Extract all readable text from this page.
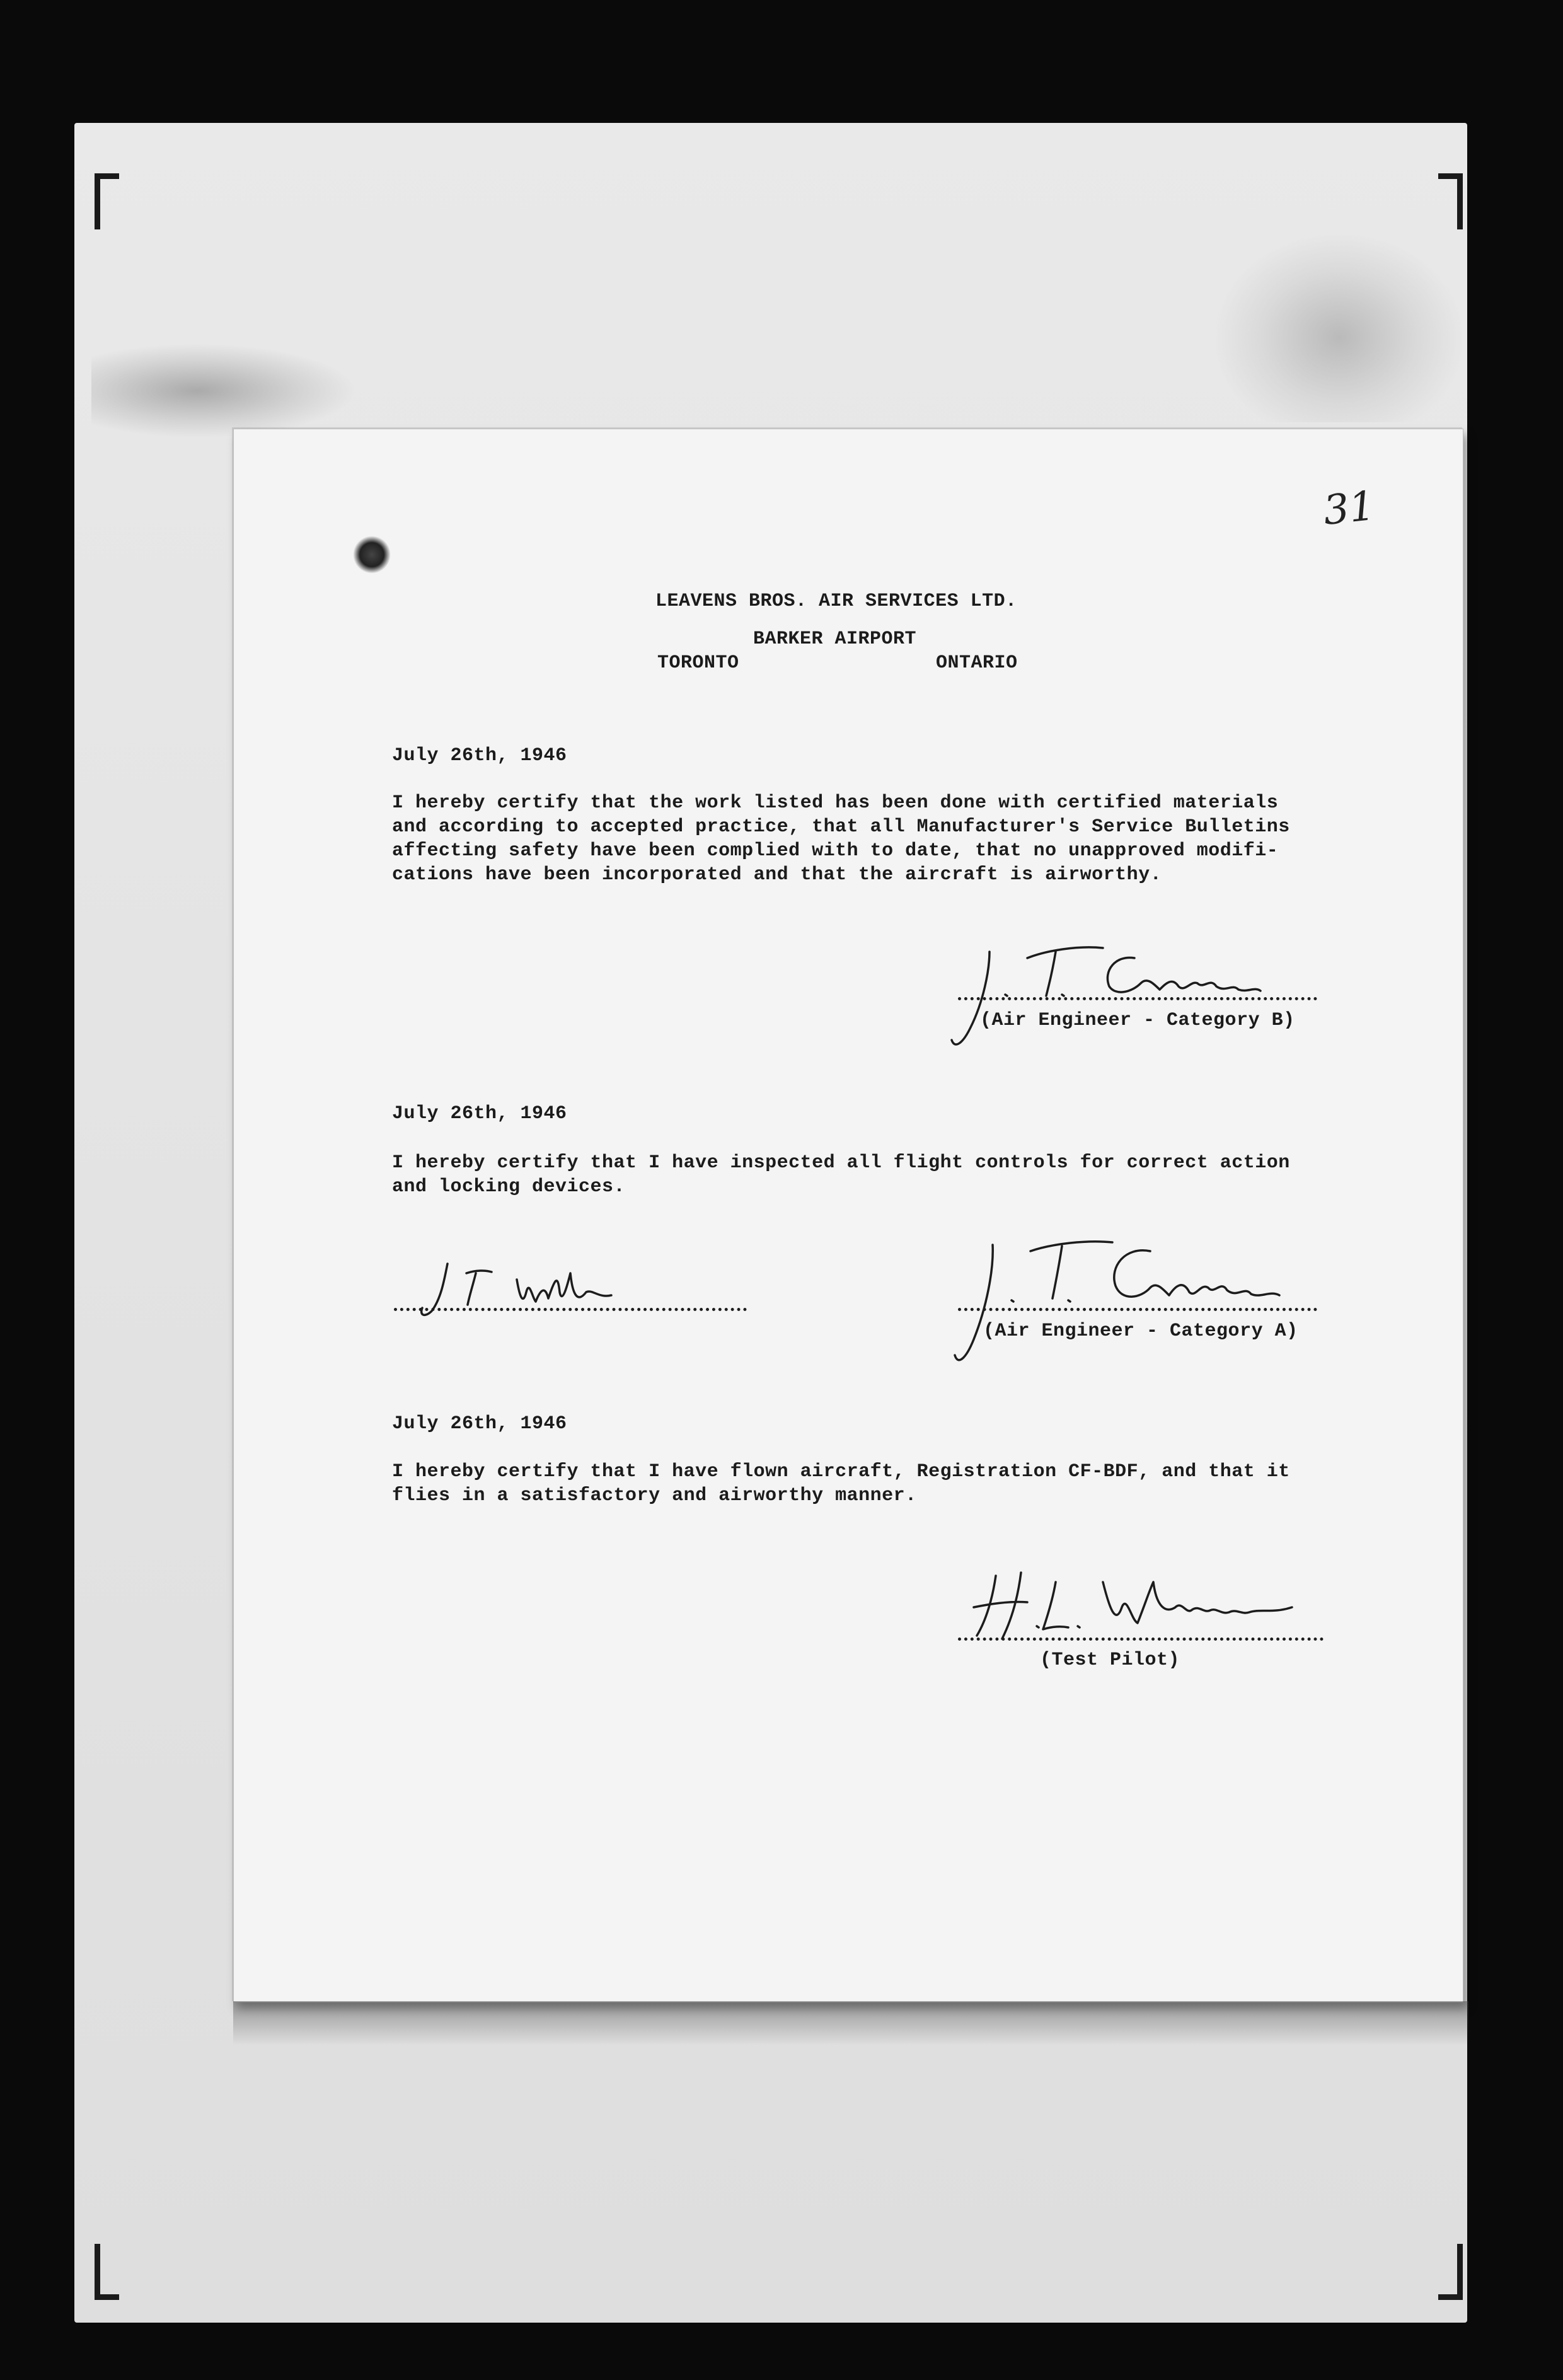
31
LEAVENS BROS. AIR SERVICES LTD.
BARKER AIRPORT
TORONTO	ONTARIO
July 26th, 1946
I hereby certify that the work listed has been done with certified materials
and according to accepted practice, that all Manufacturer's Service Bulletins
affecting safety have been complied with to date, that no unapproved modifi-
cations have been incorporated and that the aircraft is airworthy.
(Air Engineer - Category B)
July 26th, 1946
I hereby certify that I have inspected all flight controls for correct action
and locking devices.
(Air Engineer - Category A)
July 26th, 1946
I hereby certify that I have flown aircraft, Registration CF-BDF, and that it
flies in a satisfactory and airworthy manner.
(Test Pilot)
